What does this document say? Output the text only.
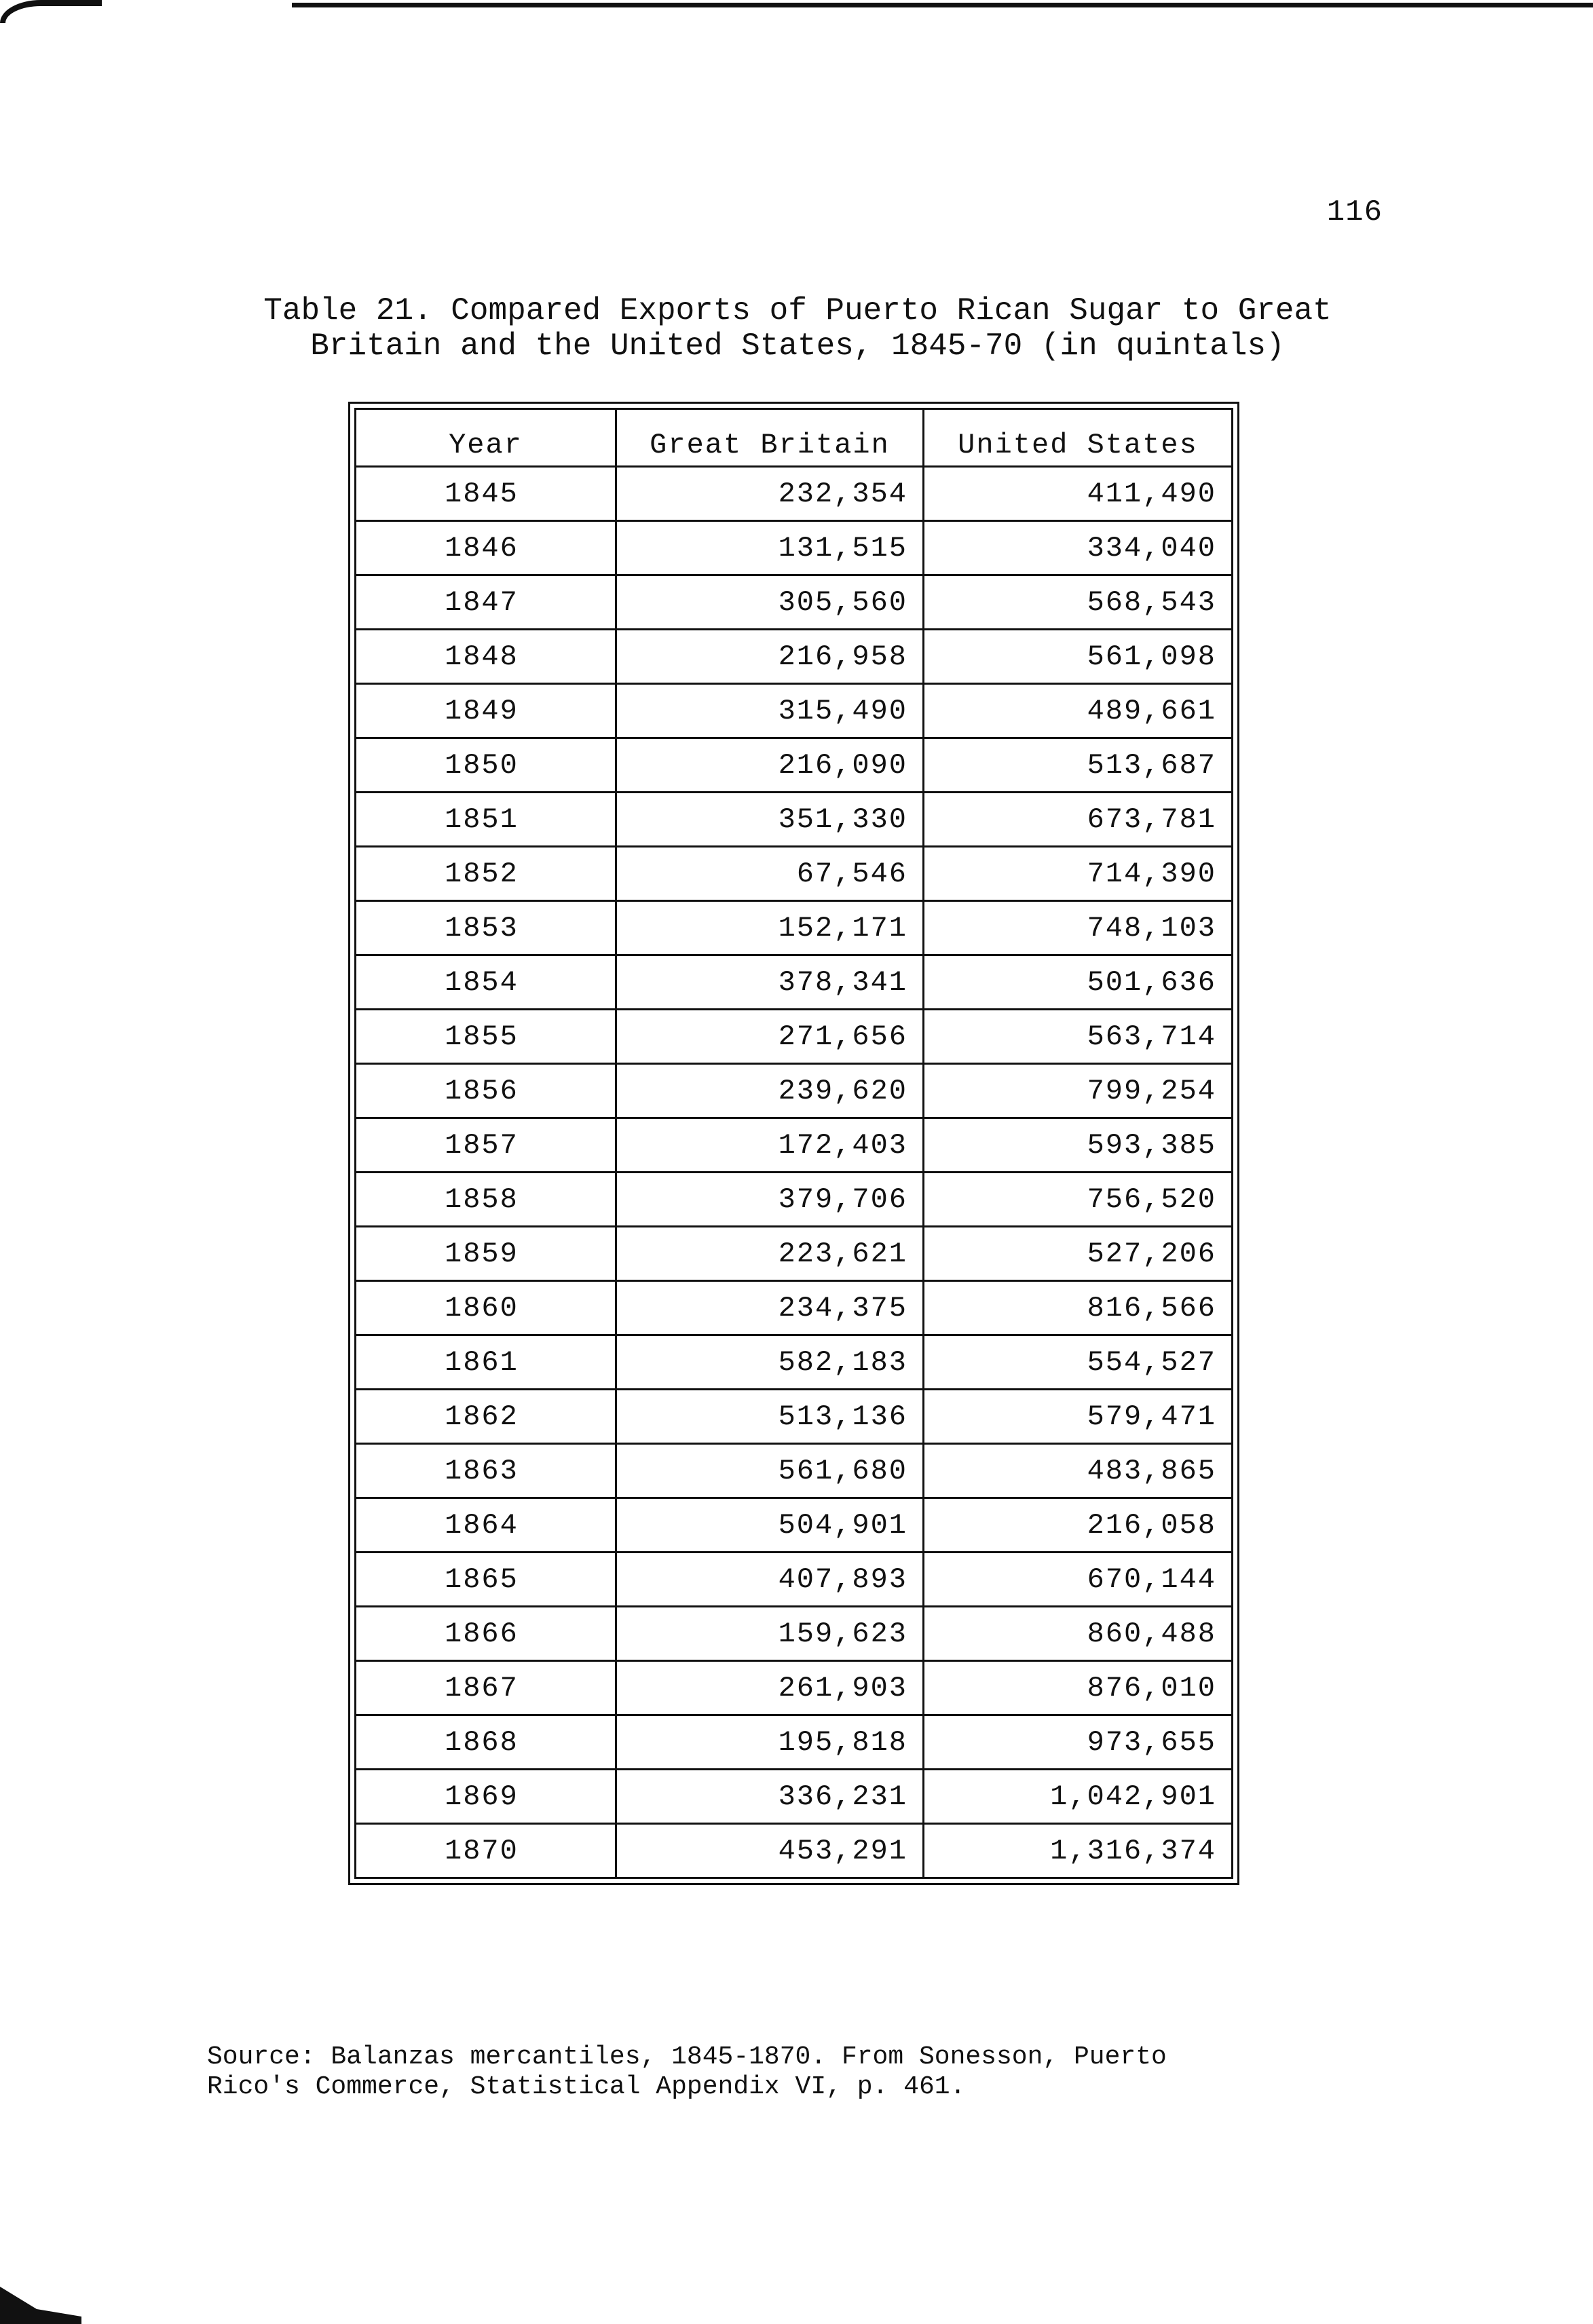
116
Table 21. Compared Exports of Puerto Rican Sugar to Great
Britain and the United States, 1845-70 (in quintals)
Year	Great Britain	United States
1845	232,354	411,490
1846	131,515	334,040
1847	305,560	568,543
1848	216,958	561,098
1849	315,490	489,661
1850	216,090	513,687
1851	351,330	673,781
1852	67,546	714,390
1853	152,171	748,103
1854	378,341	501,636
1855	271,656	563,714
1856	239,620	799,254
1857	172,403	593,385
1858	379,706	756,520
1859	223,621	527,206
1860	234,375	816,566
1861	582,183	554,527
1862	513,136	579,471
1863	561,680	483,865
1864	504,901	216,058
1865	407,893	670,144
1866	159,623	860,488
1867	261,903	876,010
1868	195,818	973,655
1869	336,231	1,042,901
1870	453,291	1,316,374
Source: Balanzas mercantiles, 1845-1870. From Sonesson, Puerto
Rico's Commerce, Statistical Appendix VI, p. 461.
